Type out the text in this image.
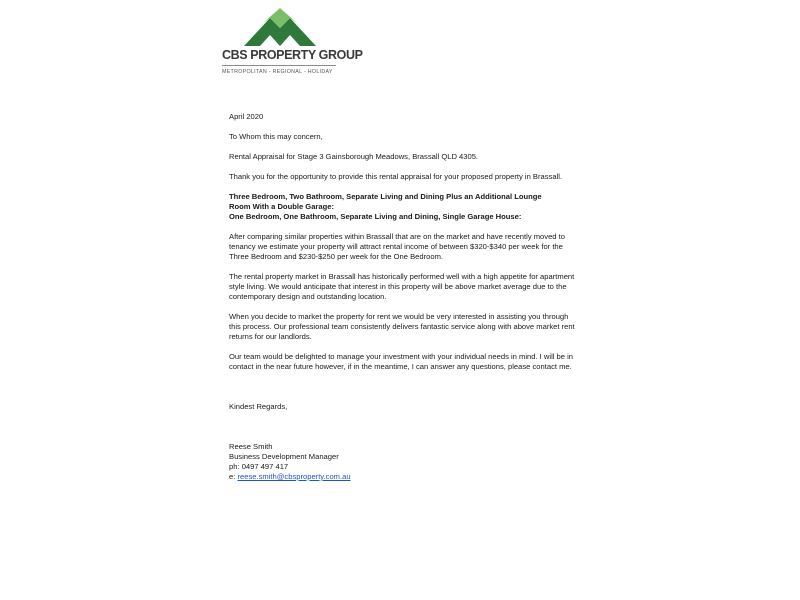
CBS PROPERTY GROUP
METROPOLITAN - REGIONAL - HOLIDAY

April 2020

To Whom this may concern,

Rental Appraisal for Stage 3 Gainsborough Meadows, Brassall QLD 4305.

Thank you for the opportunity to provide this rental appraisal for your proposed property in Brassall.

Three Bedroom, Two Bathroom, Separate Living and Dining Plus an Additional Lounge

Room With a Double Garage:

One Bedroom, One Bathroom, Separate Living and Dining, Single Garage House:

After comparing similar properties within Brassall that are on the market and have recently moved to tenancy we estimate your property will attract rental income of between $320-$340 per week for the Three Bedroom and $230-$250 per week for the One Bedroom.

The rental property market in Brassall has historically performed well with a high appetite for apartment style living. We would anticipate that interest in this property will be above market average due to the contemporary design and outstanding location.

When you decide to market the property for rent we would be very interested in assisting you through this process. Our professional team consistently delivers fantastic service along with above market rent returns for our landlords.

Our team would be delighted to manage your investment with your individual needs in mind. I will be in contact in the near future however, if in the meantime, I can answer any questions, please contact me.

Kindest Regards,

Reese Smith

Business Development Manager

ph: 0497 497 417

e: reese.smith@cbsproperty.com.au
